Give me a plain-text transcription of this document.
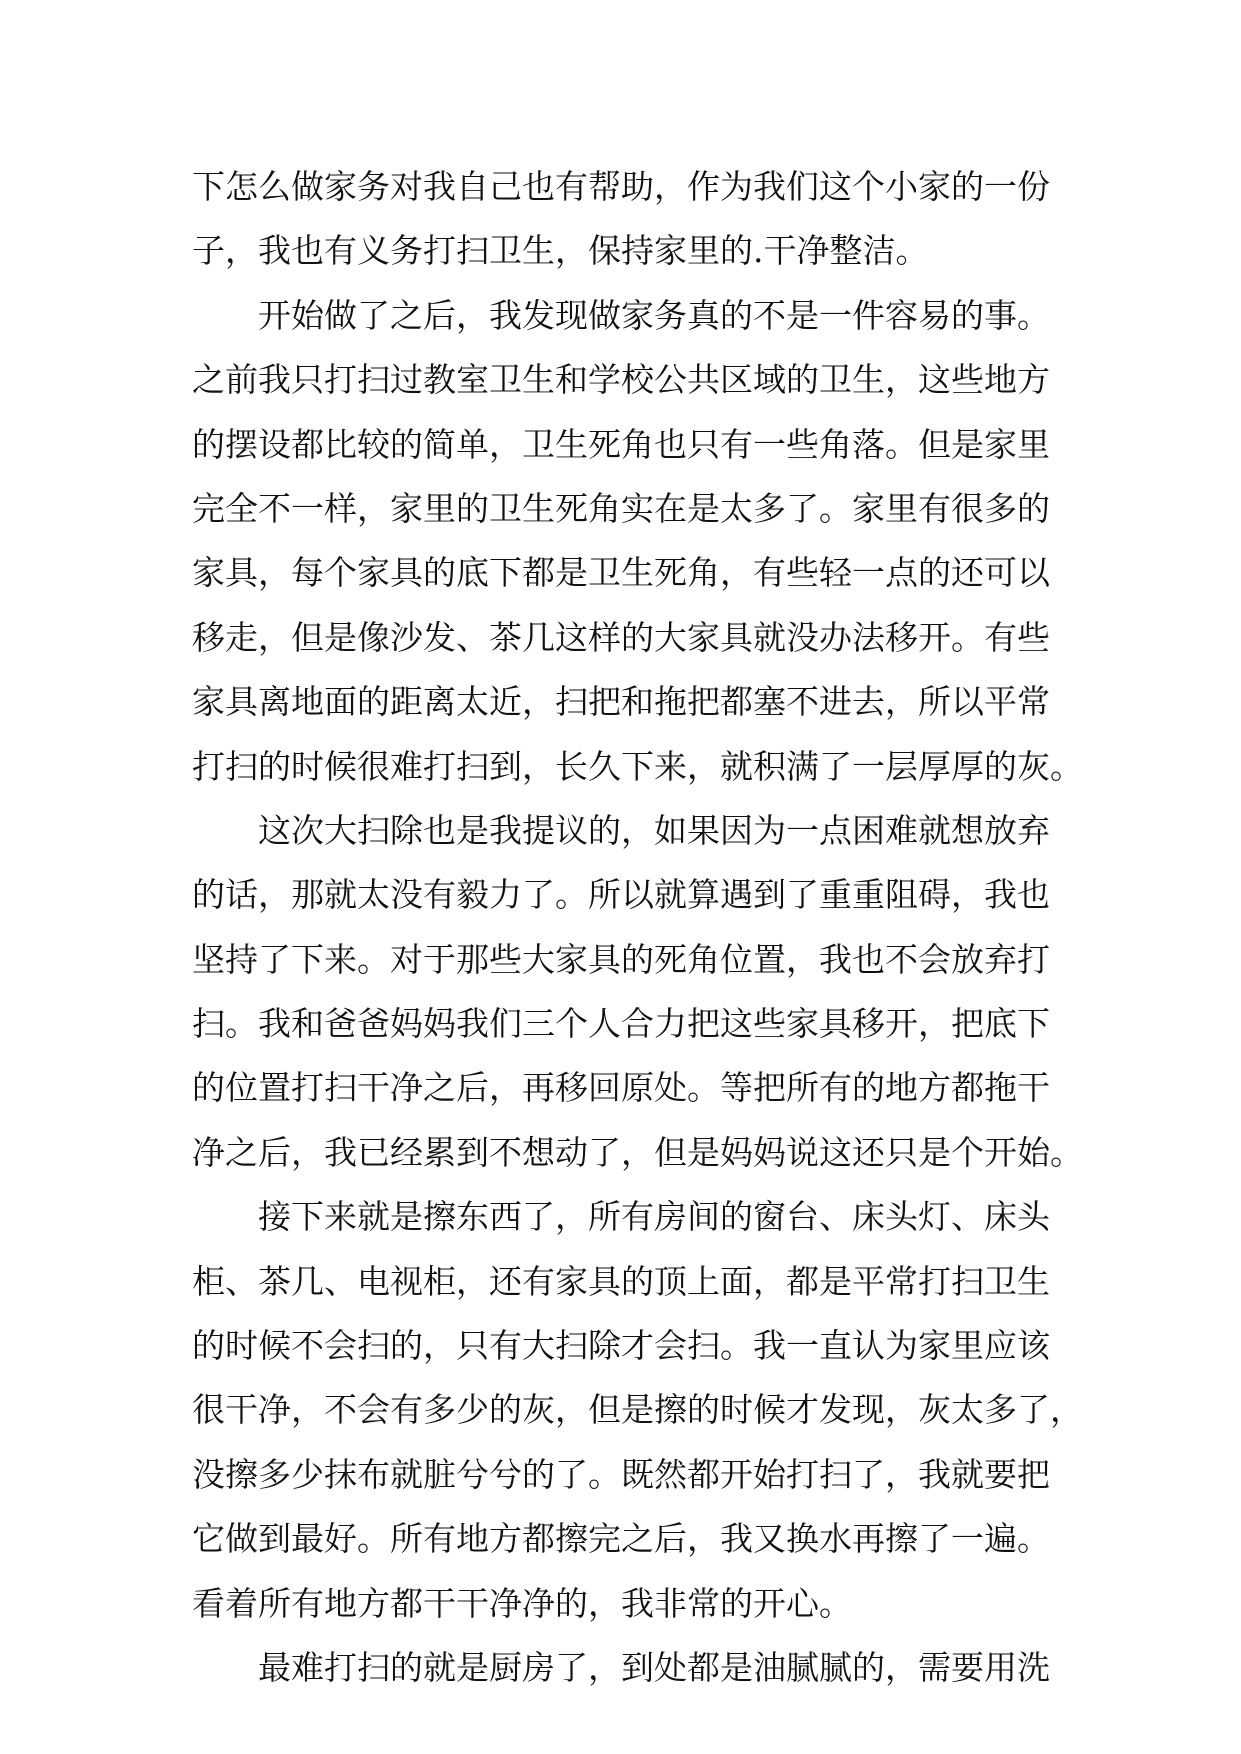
下怎么做家务对我自己也有帮助，作为我们这个小家的一份
子，我也有义务打扫卫生，保持家里的.干净整洁。
开始做了之后，我发现做家务真的不是一件容易的事。
之前我只打扫过教室卫生和学校公共区域的卫生，这些地方
的摆设都比较的简单，卫生死角也只有一些角落。但是家里
完全不一样，家里的卫生死角实在是太多了。家里有很多的
家具，每个家具的底下都是卫生死角，有些轻一点的还可以
移走，但是像沙发、茶几这样的大家具就没办法移开。有些
家具离地面的距离太近，扫把和拖把都塞不进去，所以平常
打扫的时候很难打扫到，长久下来，就积满了一层厚厚的灰。
这次大扫除也是我提议的，如果因为一点困难就想放弃
的话，那就太没有毅力了。所以就算遇到了重重阻碍，我也
坚持了下来。对于那些大家具的死角位置，我也不会放弃打
扫。我和爸爸妈妈我们三个人合力把这些家具移开，把底下
的位置打扫干净之后，再移回原处。等把所有的地方都拖干
净之后，我已经累到不想动了，但是妈妈说这还只是个开始。
接下来就是擦东西了，所有房间的窗台、床头灯、床头
柜、茶几、电视柜，还有家具的顶上面，都是平常打扫卫生
的时候不会扫的，只有大扫除才会扫。我一直认为家里应该
很干净，不会有多少的灰，但是擦的时候才发现，灰太多了，
没擦多少抹布就脏兮兮的了。既然都开始打扫了，我就要把
它做到最好。所有地方都擦完之后，我又换水再擦了一遍。
看着所有地方都干干净净的，我非常的开心。
最难打扫的就是厨房了，到处都是油腻腻的，需要用洗
